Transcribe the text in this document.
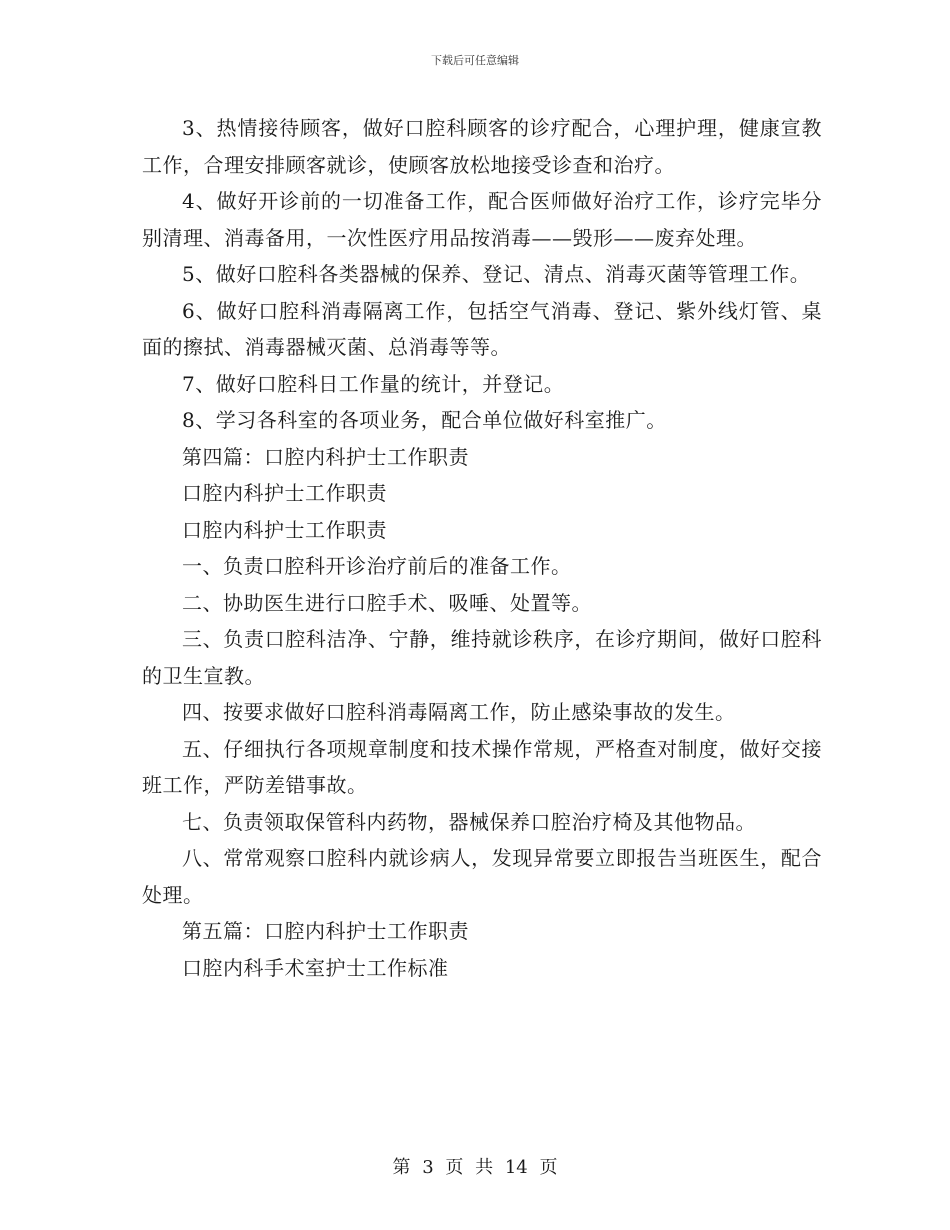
下载后可任意编辑

3、热情接待顾客，做好口腔科顾客的诊疗配合，心理护理，健康宣教工作，合理安排顾客就诊，使顾客放松地接受诊查和治疗。

4、做好开诊前的一切准备工作，配合医师做好治疗工作，诊疗完毕分别清理、消毒备用，一次性医疗用品按消毒——毁形——废弃处理。

5、做好口腔科各类器械的保养、登记、清点、消毒灭菌等管理工作。

6、做好口腔科消毒隔离工作，包括空气消毒、登记、紫外线灯管、桌面的擦拭、消毒器械灭菌、总消毒等等。

7、做好口腔科日工作量的统计，并登记。

8、学习各科室的各项业务，配合单位做好科室推广。

第四篇：口腔内科护士工作职责

口腔内科护士工作职责

口腔内科护士工作职责

一、负责口腔科开诊治疗前后的准备工作。

二、协助医生进行口腔手术、吸唾、处置等。

三、负责口腔科洁净、宁静，维持就诊秩序，在诊疗期间，做好口腔科的卫生宣教。

四、按要求做好口腔科消毒隔离工作，防止感染事故的发生。

五、仔细执行各项规章制度和技术操作常规，严格查对制度，做好交接班工作，严防差错事故。

七、负责领取保管科内药物，器械保养口腔治疗椅及其他物品。

八、常常观察口腔科内就诊病人，发现异常要立即报告当班医生，配合处理。

第五篇：口腔内科护士工作职责

口腔内科手术室护士工作标准

第 3 页 共 14 页
